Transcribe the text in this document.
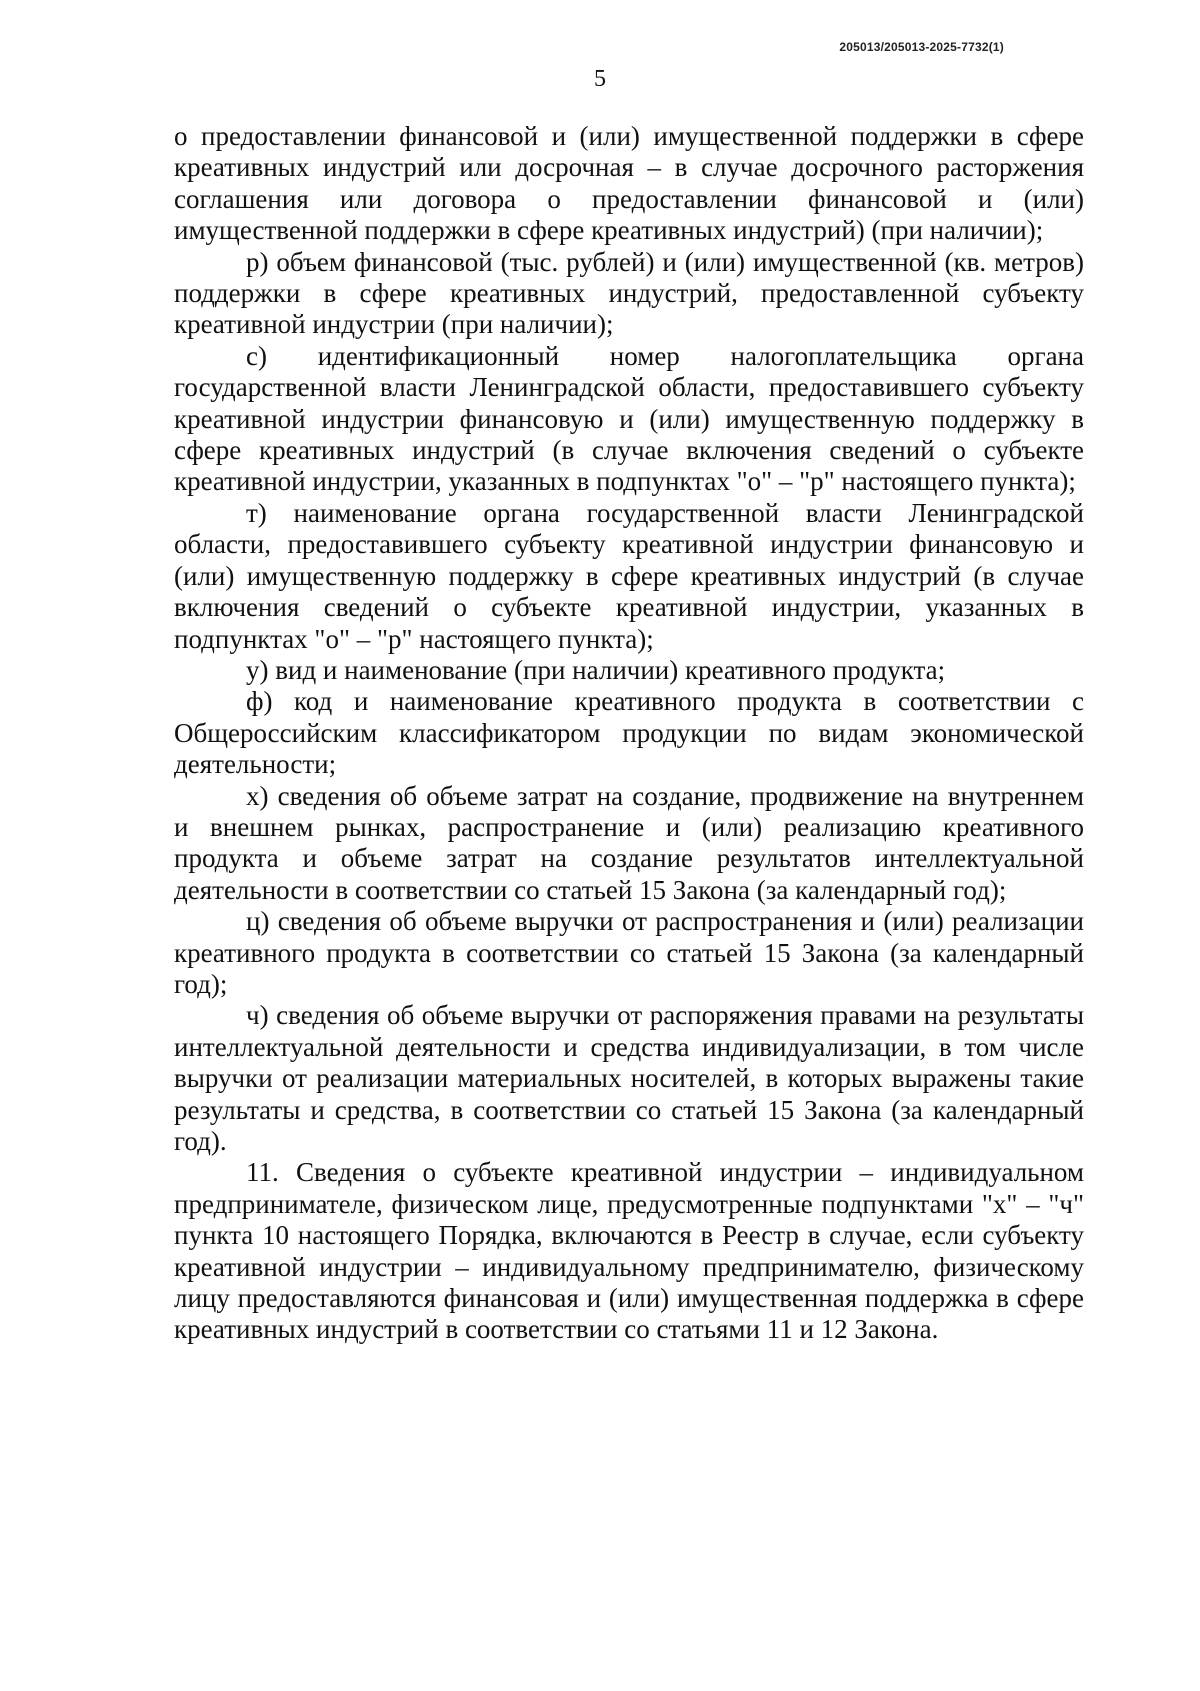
205013/205013-2025-7732(1)
5

о предоставлении финансовой и (или) имущественной поддержки в сфере креативных индустрий или досрочная – в случае досрочного расторжения соглашения или договора о предоставлении финансовой и (или) имущественной поддержки в сфере креативных индустрий) (при наличии);

р) объем финансовой (тыс. рублей) и (или) имущественной (кв. метров) поддержки в сфере креативных индустрий, предоставленной субъекту креативной индустрии (при наличии);

с) идентификационный номер налогоплательщика органа государственной власти Ленинградской области, предоставившего субъекту креативной индустрии финансовую и (или) имущественную поддержку в сфере креативных индустрий (в случае включения сведений о субъекте креативной индустрии, указанных в подпунктах "о" – "р" настоящего пункта);

т) наименование органа государственной власти Ленинградской области, предоставившего субъекту креативной индустрии финансовую и (или) имущественную поддержку в сфере креативных индустрий (в случае включения сведений о субъекте креативной индустрии, указанных в подпунктах "о" – "р" настоящего пункта);

у) вид и наименование (при наличии) креативного продукта;

ф) код и наименование креативного продукта в соответствии с Общероссийским классификатором продукции по видам экономической деятельности;

х) сведения об объеме затрат на создание, продвижение на внутреннем и внешнем рынках, распространение и (или) реализацию креативного продукта и объеме затрат на создание результатов интеллектуальной деятельности в соответствии со статьей 15 Закона (за календарный год);

ц) сведения об объеме выручки от распространения и (или) реализации креативного продукта в соответствии со статьей 15 Закона (за календарный год);

ч) сведения об объеме выручки от распоряжения правами на результаты интеллектуальной деятельности и средства индивидуализации, в том числе выручки от реализации материальных носителей, в которых выражены такие результаты и средства, в соответствии со статьей 15 Закона (за календарный год).

11. Сведения о субъекте креативной индустрии – индивидуальном предпринимателе, физическом лице, предусмотренные подпунктами "х" – "ч" пункта 10 настоящего Порядка, включаются в Реестр в случае, если субъекту креативной индустрии – индивидуальному предпринимателю, физическому лицу предоставляются финансовая и (или) имущественная поддержка в сфере креативных индустрий в соответствии со статьями 11 и 12 Закона.
